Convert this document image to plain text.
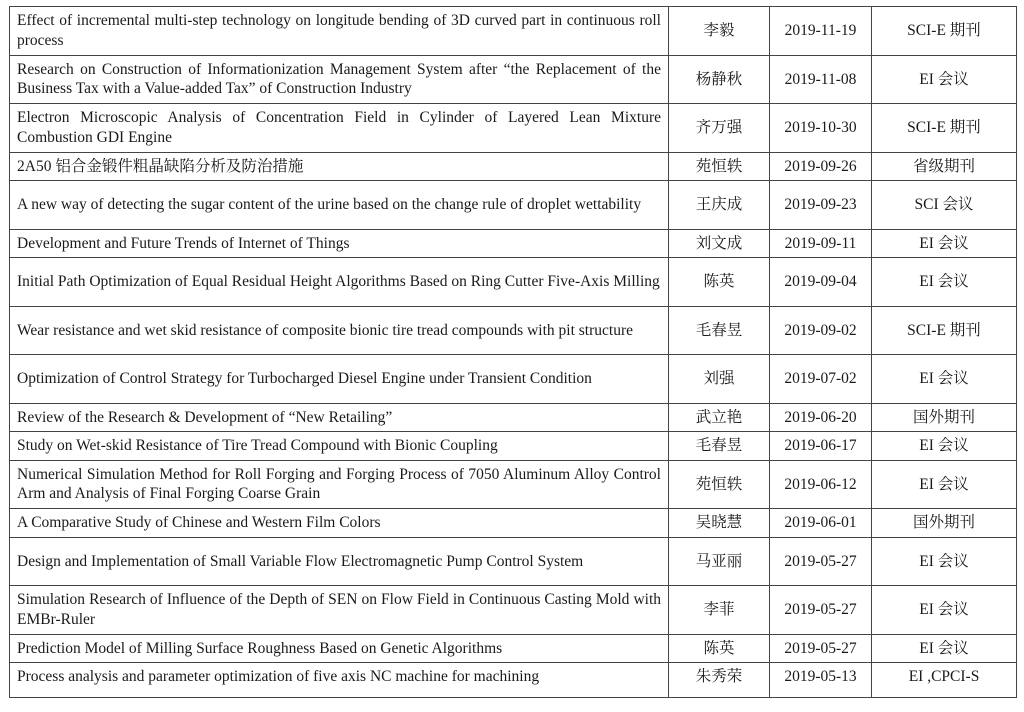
Effect of incremental multi-step technology on longitude bending of 3D curved part in continuous roll process	李毅	2019-11-19	SCI-E 期刊
Research on Construction of Informationization Management System after “the Replacement of the Business Tax with a Value-added Tax” of Construction Industry	杨静秋	2019-11-08	EI 会议
Electron Microscopic Analysis of Concentration Field in Cylinder of Layered Lean Mixture Combustion GDI Engine	齐万强	2019-10-30	SCI-E 期刊
2A50 铝合金锻件粗晶缺陷分析及防治措施	苑恒轶	2019-09-26	省级期刊
A new way of detecting the sugar content of the urine based on the change rule of droplet wettability	王庆成	2019-09-23	SCI 会议
Development and Future Trends of Internet of Things	刘文成	2019-09-11	EI 会议
Initial Path Optimization of Equal Residual Height Algorithms Based on Ring Cutter Five-Axis Milling	陈英	2019-09-04	EI 会议
Wear resistance and wet skid resistance of composite bionic tire tread compounds with pit structure	毛春昱	2019-09-02	SCI-E 期刊
Optimization of Control Strategy for Turbocharged Diesel Engine under Transient Condition	刘强	2019-07-02	EI 会议
Review of the Research & Development of “New Retailing”	武立艳	2019-06-20	国外期刊
Study on Wet-skid Resistance of Tire Tread Compound with Bionic Coupling	毛春昱	2019-06-17	EI 会议
Numerical Simulation Method for Roll Forging and Forging Process of 7050 Aluminum Alloy Control Arm and Analysis of Final Forging Coarse Grain	苑恒轶	2019-06-12	EI 会议
A Comparative Study of Chinese and Western Film Colors	吴晓慧	2019-06-01	国外期刊
Design and Implementation of Small Variable Flow Electromagnetic Pump Control System	马亚丽	2019-05-27	EI 会议
Simulation Research of Influence of the Depth of SEN on Flow Field in Continuous Casting Mold with EMBr-Ruler	李菲	2019-05-27	EI 会议
Prediction Model of Milling Surface Roughness Based on Genetic Algorithms	陈英	2019-05-27	EI 会议
Process analysis and parameter optimization of five axis NC machine for machining	朱秀荣	2019-05-13	EI ,CPCI-S
